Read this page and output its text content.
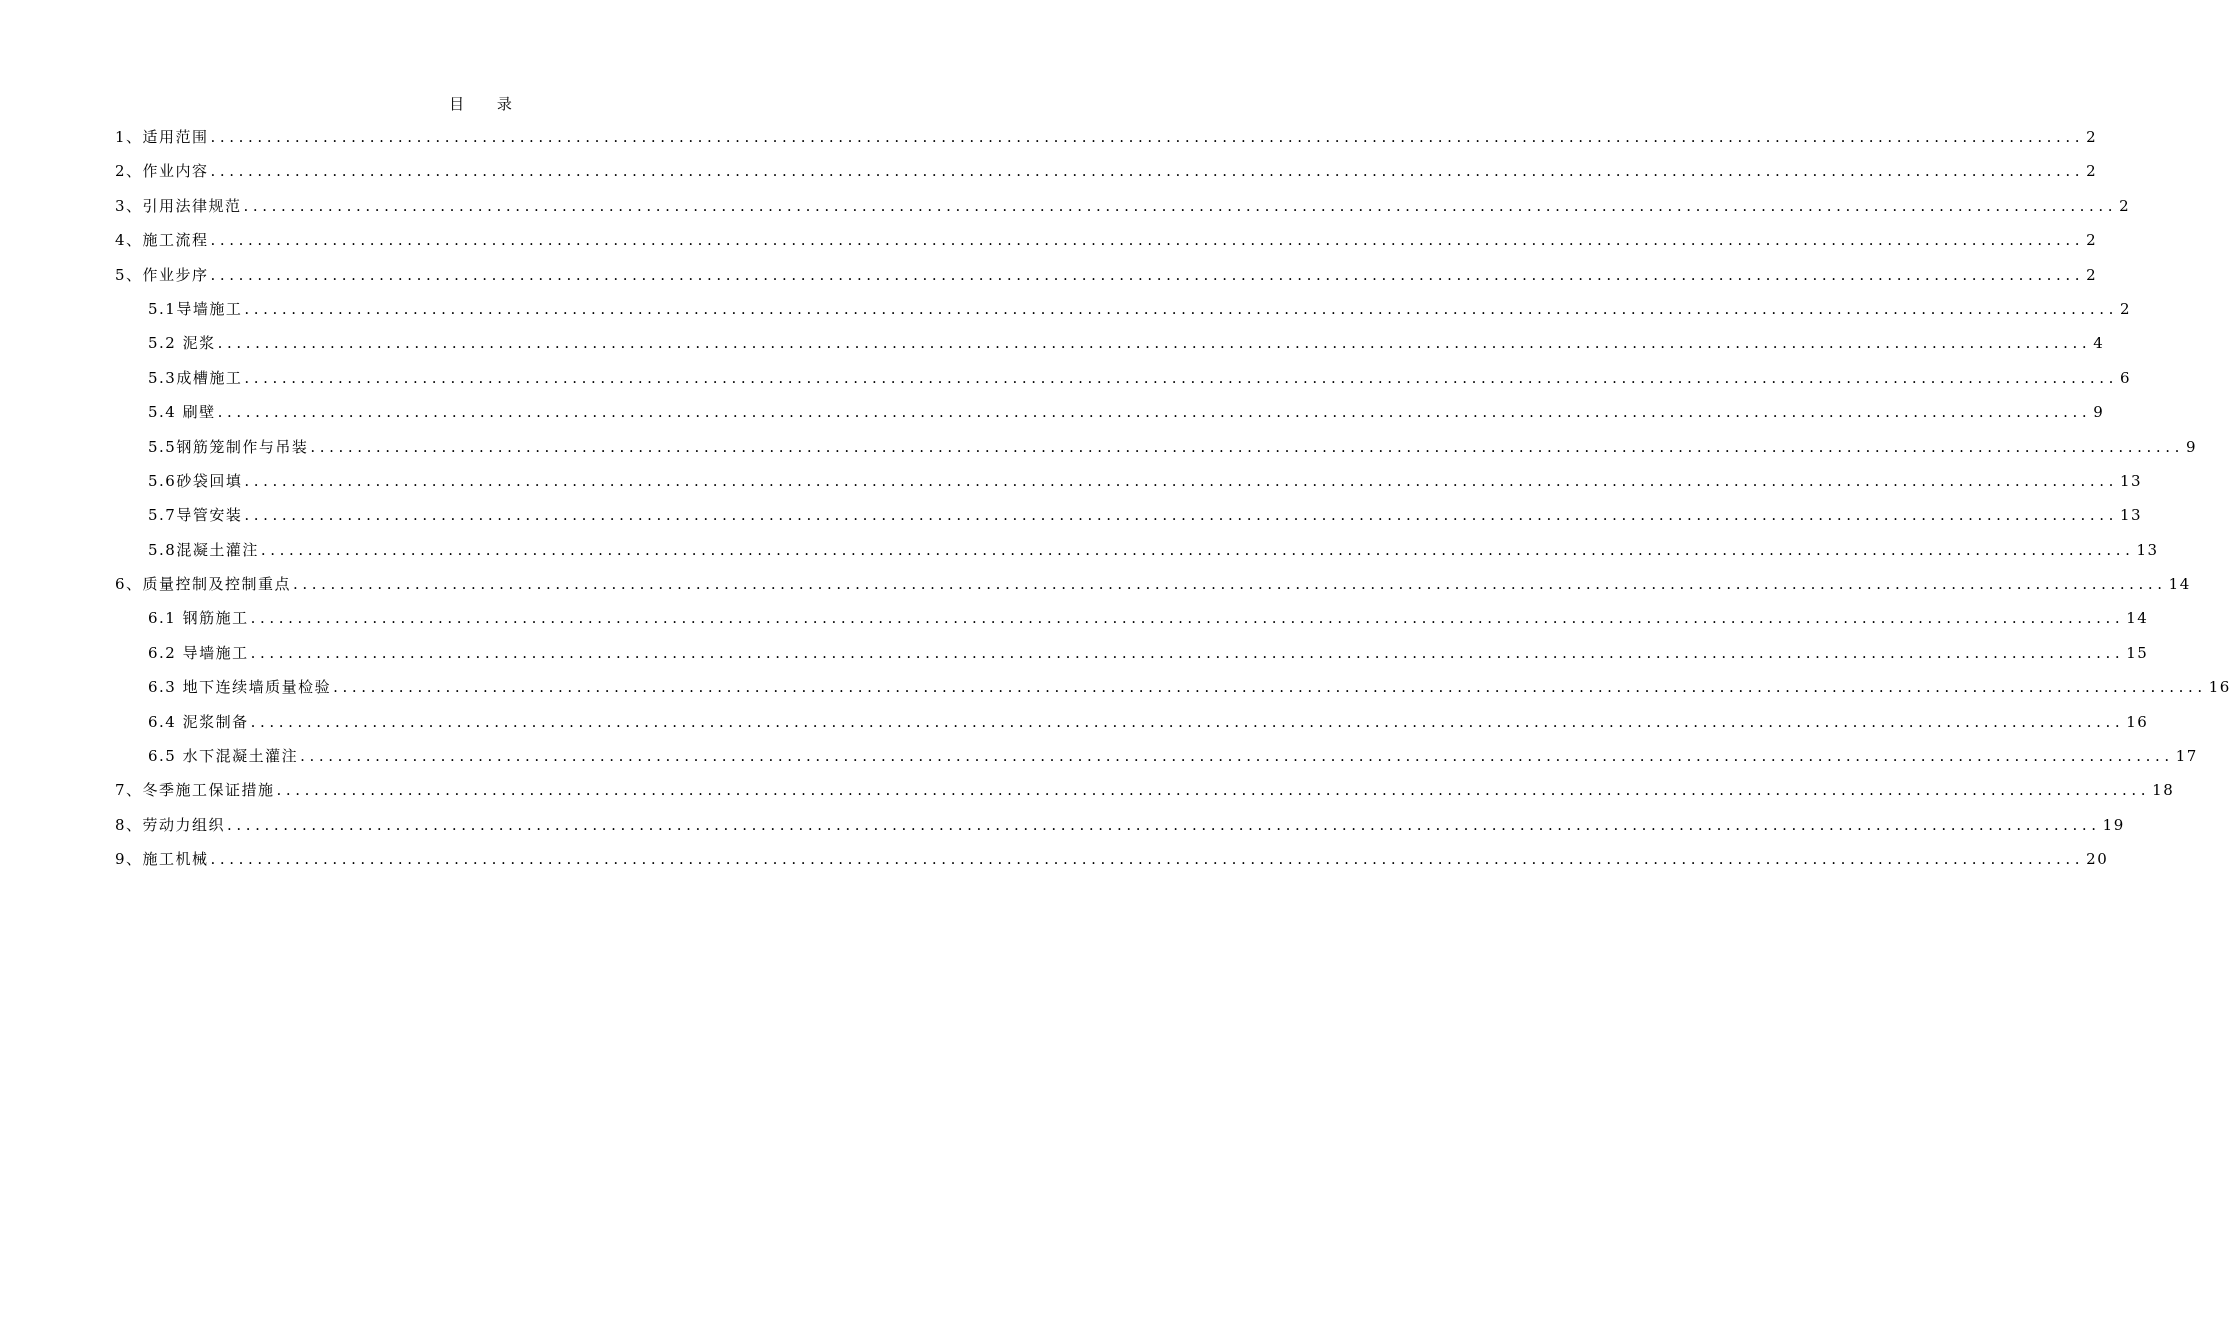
目 录
1、适用范围 ........................................................................................................................................................................................................ 2
2、作业内容 ........................................................................................................................................................................................................ 2
3、引用法律规范 ........................................................................................................................................................................................................ 2
4、施工流程 ........................................................................................................................................................................................................ 2
5、作业步序 ........................................................................................................................................................................................................ 2
5.1导墙施工 ........................................................................................................................................................................................................ 2
5.2 泥浆 ........................................................................................................................................................................................................ 4
5.3成槽施工 ........................................................................................................................................................................................................ 6
5.4 刷壁 ........................................................................................................................................................................................................ 9
5.5钢筋笼制作与吊装 ........................................................................................................................................................................................................ 9
5.6砂袋回填 ........................................................................................................................................................................................................ 13
5.7导管安装 ........................................................................................................................................................................................................ 13
5.8混凝土灌注 ........................................................................................................................................................................................................ 13
6、质量控制及控制重点 ........................................................................................................................................................................................................ 14
6.1 钢筋施工 ........................................................................................................................................................................................................ 14
6.2 导墙施工 ........................................................................................................................................................................................................ 15
6.3 地下连续墙质量检验 ........................................................................................................................................................................................................ 16
6.4 泥浆制备 ........................................................................................................................................................................................................ 16
6.5 水下混凝土灌注 ........................................................................................................................................................................................................ 17
7、冬季施工保证措施 ........................................................................................................................................................................................................ 18
8、劳动力组织 ........................................................................................................................................................................................................ 19
9、施工机械 ........................................................................................................................................................................................................ 20
